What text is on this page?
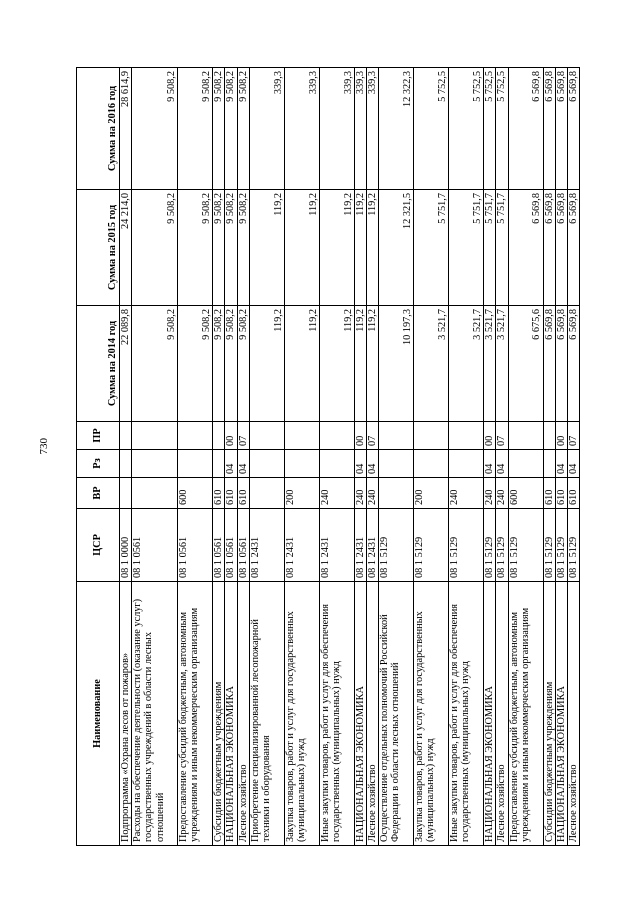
730
Наименование	ЦСР	ВР	Рз	ПР	Сумма на 2014 год	Сумма на 2015 год	Сумма на 2016 год
Подпрограмма «Охрана лесов от пожаров»	08 1 0000				22 089,8	24 214,0	28 614,9
Расходы на обеспечение деятельности (оказание услуг) государственных учреждений в области лесных отношений	08 1 0561				9 508,2	9 508,2	9 508,2
Предоставление субсидий бюджетным, автономным учреждениям и иным некоммерческим организациям	08 1 0561	600			9 508,2	9 508,2	9 508,2
Субсидии бюджетным учреждениям	08 1 0561	610			9 508,2	9 508,2	9 508,2
НАЦИОНАЛЬНАЯ ЭКОНОМИКА	08 1 0561	610	04	00	9 508,2	9 508,2	9 508,2
Лесное хозяйство	08 1 0561	610	04	07	9 508,2	9 508,2	9 508,2
Приобретение специализированной лесопожарной техники и оборудования	08 1 2431				119,2	119,2	339,3
Закупка товаров, работ и услуг для государственных (муниципальных) нужд	08 1 2431	200			119,2	119,2	339,3
Иные закупки товаров, работ и услуг для обеспечения государственных (муниципальных) нужд	08 1 2431	240			119,2	119,2	339,3
НАЦИОНАЛЬНАЯ ЭКОНОМИКА	08 1 2431	240	04	00	119,2	119,2	339,3
Лесное хозяйство	08 1 2431	240	04	07	119,2	119,2	339,3
Осуществление отдельных полномочий Российской Федерации в области лесных отношений	08 1 5129				10 197,3	12 321,5	12 322,3
Закупка товаров, работ и услуг для государственных (муниципальных) нужд	08 1 5129	200			3 521,7	5 751,7	5 752,5
Иные закупки товаров, работ и услуг для обеспечения государственных (муниципальных) нужд	08 1 5129	240			3 521,7	5 751,7	5 752,5
НАЦИОНАЛЬНАЯ ЭКОНОМИКА	08 1 5129	240	04	00	3 521,7	5 751,7	5 752,5
Лесное хозяйство	08 1 5129	240	04	07	3 521,7	5 751,7	5 752,5
Предоставление субсидий бюджетным, автономным учреждениям и иным некоммерческим организациям	08 1 5129	600			6 675,6	6 569,8	6 569,8
Субсидии бюджетным учреждениям	08 1 5129	610			6 569,8	6 569,8	6 569,8
НАЦИОНАЛЬНАЯ ЭКОНОМИКА	08 1 5129	610	04	00	6 569,8	6 569,8	6 569,8
Лесное хозяйство	08 1 5129	610	04	07	6 569,8	6 569,8	6 569,8
